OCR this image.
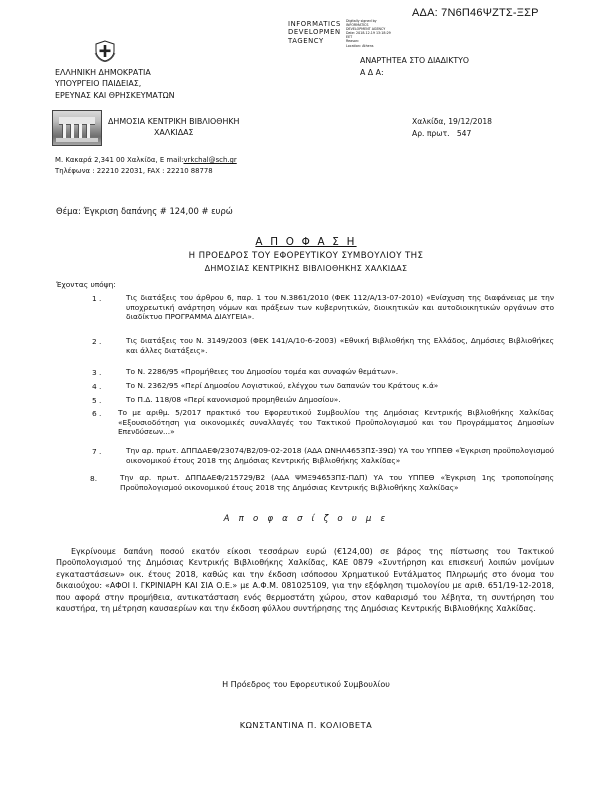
ΑΔΑ: 7Ν6Π46ΨΖΤΣ-ΞΣΡ
INFORMATICS
DEVELOPMEN
TAGENCY
Digitally signed by
INFORMATICS
DEVELOPMENT AGENCY
Date: 2018.12.19 13:18:29
EET
Reason:
Location: Athens
ΑΝΑΡΤΗΤΕΑ ΣΤΟ ΔΙΑΔΙΚΤΥΟ
Α Δ Α:
ΕΛΛΗΝΙΚΗ ΔΗΜΟΚΡΑΤΙΑ
ΥΠΟΥΡΓΕΙΟ ΠΑΙΔΕΙΑΣ,
ΕΡΕΥΝΑΣ ΚΑΙ ΘΡΗΣΚΕΥΜΑΤΩΝ
ΔΗΜΟΣΙΑ ΚΕΝΤΡΙΚΗ ΒΙΒΛΙΟΘΗΚΗ
ΧΑΛΚΙΔΑΣ
Χαλκίδα, 19/12/2018
Αρ. πρωτ. 547
Μ. Κακαρά 2,341 00 Χαλκίδα, E mail:vrkchal@sch.gr
Τηλέφωνα : 22210 22031, FAX : 22210 88778
Θέμα: Έγκριση δαπάνης # 124,00 # ευρώ
Α Π Ο Φ Α Σ Η
Η ΠΡΟΕΔΡΟΣ ΤΟΥ ΕΦΟΡΕΥΤΙΚΟΥ ΣΥΜΒΟΥΛΙΟΥ ΤΗΣ
ΔΗΜΟΣΙΑΣ ΚΕΝΤΡΙΚΗΣ ΒΙΒΛΙΟΘΗΚΗΣ ΧΑΛΚΙΔΑΣ
Έχοντας υπόψη:
1 .	Τις διατάξεις του άρθρου 6, παρ. 1 του Ν.3861/2010 (ΦΕΚ 112/Α/13-07-2010) «Ενίσχυση της διαφάνειας με την υποχρεωτική ανάρτηση νόμων και πράξεων των κυβερνητικών, διοικητικών και αυτοδιοικητικών οργάνων στο διαδίκτυο ΠΡΟΓΡΑΜΜΑ ΔΙΑΥΓΕΙΑ».
2 .	Τις διατάξεις του Ν. 3149/2003 (ΦΕΚ 141/Α/10-6-2003) «Εθνική Βιβλιοθήκη της Ελλάδος, Δημόσιες Βιβλιοθήκες και άλλες διατάξεις».
3 .	Το Ν. 2286/95 «Προμήθειες του Δημοσίου τομέα και συναφών θεμάτων».
4 .	Το Ν. 2362/95 «Περί Δημοσίου Λογιστικού, ελέγχου των δαπανών του Κράτους κ.ά»
5 .	Το Π.Δ. 118/08 «Περί κανονισμού προμηθειών Δημοσίου».
6 . Το με αριθμ. 5/2017 πρακτικό του Εφορευτικού Συμβουλίου της Δημόσιας Κεντρικής Βιβλιοθήκης Χαλκίδας «Εξουσιοδότηση για οικονομικές συναλλαγές του Τακτικού Προϋπολογισμού και του Προγράμματος Δημοσίων Επενδύσεων...»
7 .	Την αρ. πρωτ. ΔΠΠΔΑΕΦ/23074/Β2/09-02-2018 (ΑΔΑ ΩΝΗΛ4653ΠΣ-39Ω) ΥΑ του ΥΠΠΕΘ «Έγκριση προϋπολογισμού οικονομικού έτους 2018 της Δημόσιας Κεντρικής Βιβλιοθήκης Χαλκίδας»
8.	Την αρ. πρωτ. ΔΠΠΔΑΕΦ/215729/Β2 (ΑΔΑ ΨΜΞ94653ΠΣ-ΠΔΠ) ΥΑ του ΥΠΠΕΘ «Έγκριση 1ης τροποποίησης Προϋπολογισμού οικονομικού έτους 2018 της Δημόσιας Κεντρικής Βιβλιοθήκης Χαλκίδας»
Α π ο φ α σ ί ζ ο υ μ ε
Εγκρίνουμε δαπάνη ποσού εκατόν είκοσι τεσσάρων ευρώ (€124,00) σε βάρος της πίστωσης του Τακτικού Προϋπολογισμού της Δημόσιας Κεντρικής Βιβλιοθήκης Χαλκίδας, ΚΑΕ 0879 «Συντήρηση και επισκευή λοιπών μονίμων εγκαταστάσεων» οικ. έτους 2018, καθώς και την έκδοση ισόποσου Χρηματικού Εντάλματος Πληρωμής στο όνομα του δικαιούχου: «ΑΦΟΙ Ι. ΓΚΡΙΝΙΑΡΗ ΚΑΙ ΣΙΑ Ο.Ε.» με Α.Φ.Μ. 081025109, για την εξόφληση τιμολογίου με αριθ. 651/19-12-2018, που αφορά στην προμήθεια, αντικατάσταση ενός θερμοστάτη χώρου, στον καθαρισμό του λέβητα, τη συντήρηση του καυστήρα, τη μέτρηση καυσαερίων και την έκδοση φύλλου συντήρησης της Δημόσιας Κεντρικής Βιβλιοθήκης Χαλκίδας.
Η Πρόεδρος του Εφορευτικού Συμβουλίου
ΚΩΝΣΤΑΝΤΙΝΑ Π. ΚΟΛΙΟΒΕΤΑ
